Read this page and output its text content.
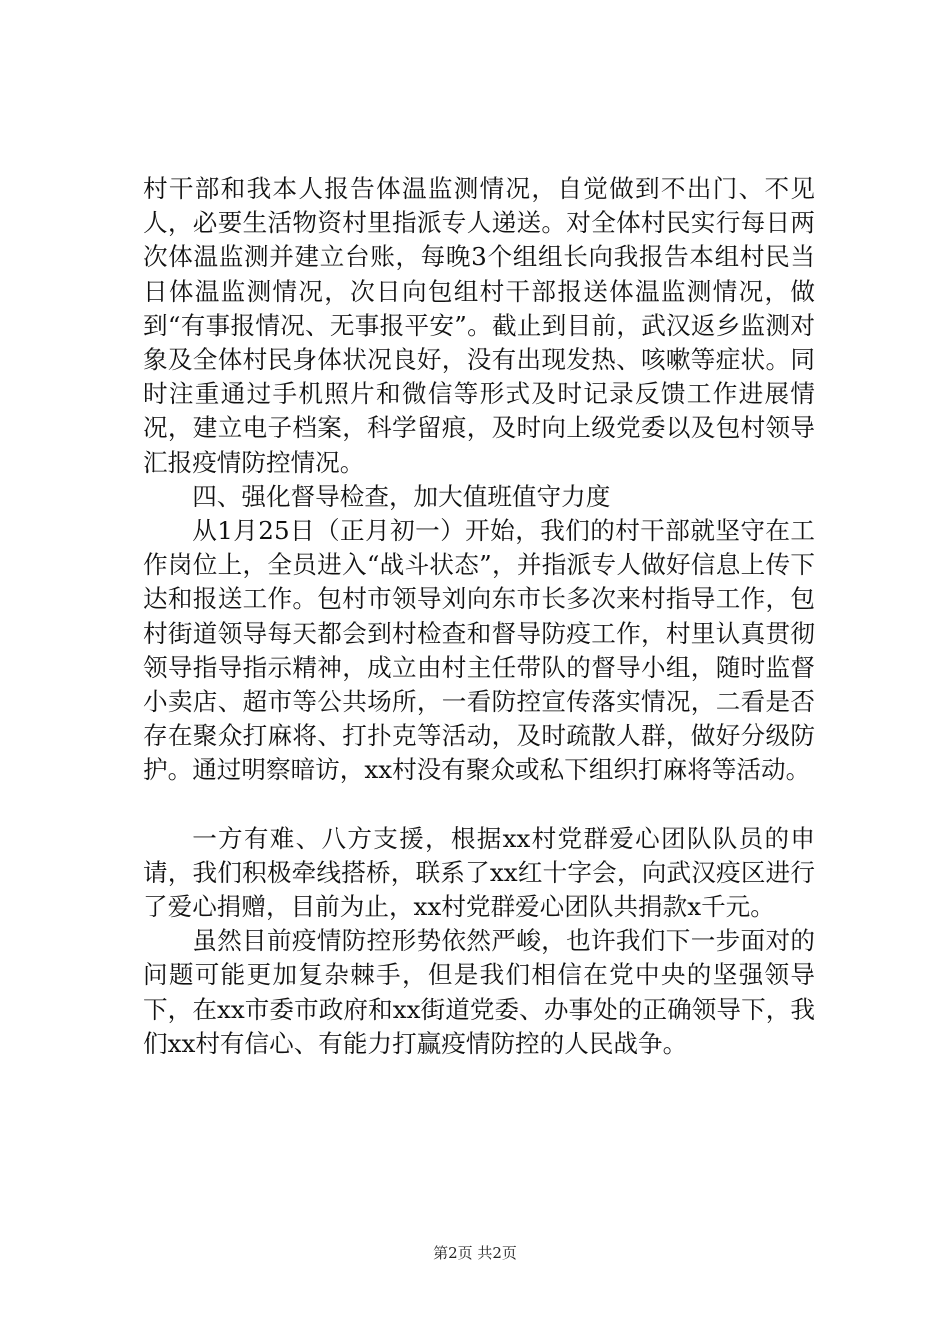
村干部和我本人报告体温监测情况，自觉做到不出门、不见人，必要生活物资村里指派专人递送。对全体村民实行每日两次体温监测并建立台账，每晚3个组组长向我报告本组村民当日体温监测情况，次日向包组村干部报送体温监测情况，做到“有事报情况、无事报平安”。截止到目前，武汉返乡监测对象及全体村民身体状况良好，没有出现发热、咳嗽等症状。同时注重通过手机照片和微信等形式及时记录反馈工作进展情况，建立电子档案，科学留痕，及时向上级党委以及包村领导汇报疫情防控情况。

四、强化督导检查，加大值班值守力度

从1月25日（正月初一）开始，我们的村干部就坚守在工作岗位上，全员进入“战斗状态”，并指派专人做好信息上传下达和报送工作。包村市领导刘向东市长多次来村指导工作，包村街道领导每天都会到村检查和督导防疫工作，村里认真贯彻领导指导指示精神，成立由村主任带队的督导小组，随时监督小卖店、超市等公共场所，一看防控宣传落实情况，二看是否存在聚众打麻将、打扑克等活动，及时疏散人群，做好分级防护。通过明察暗访，xx村没有聚众或私下组织打麻将等活动。

一方有难、八方支援，根据xx村党群爱心团队队员的申请，我们积极牵线搭桥，联系了xx红十字会，向武汉疫区进行了爱心捐赠，目前为止，xx村党群爱心团队共捐款x千元。

虽然目前疫情防控形势依然严峻，也许我们下一步面对的问题可能更加复杂棘手，但是我们相信在党中央的坚强领导下，在xx市委市政府和xx街道党委、办事处的正确领导下，我们xx村有信心、有能力打赢疫情防控的人民战争。

第2页 共2页
